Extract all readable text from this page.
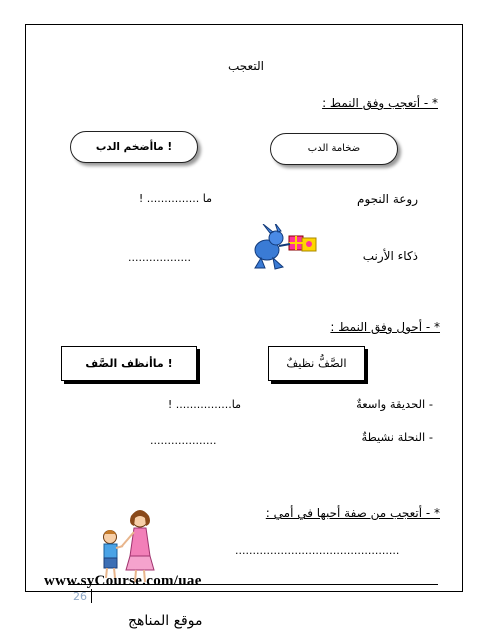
التعجب
* - أتعجب وفق النمط :
ضخامة الدب
ماأضخم الدب !
روعة النجوم
ما ............... !
ذكاء الأرنب
..................
* - أحول وفق النمط :
الصَّفُّ نظيفٌ
ماأنظف الصَّف !
- الحديقة واسعةٌ
ما................ !
- النحلة نشيطةٌ
...................
* - أتعجب من صفة أحبها في أمي :
...............................................
www.syCourse.com/uae
26
موقع المناهج
